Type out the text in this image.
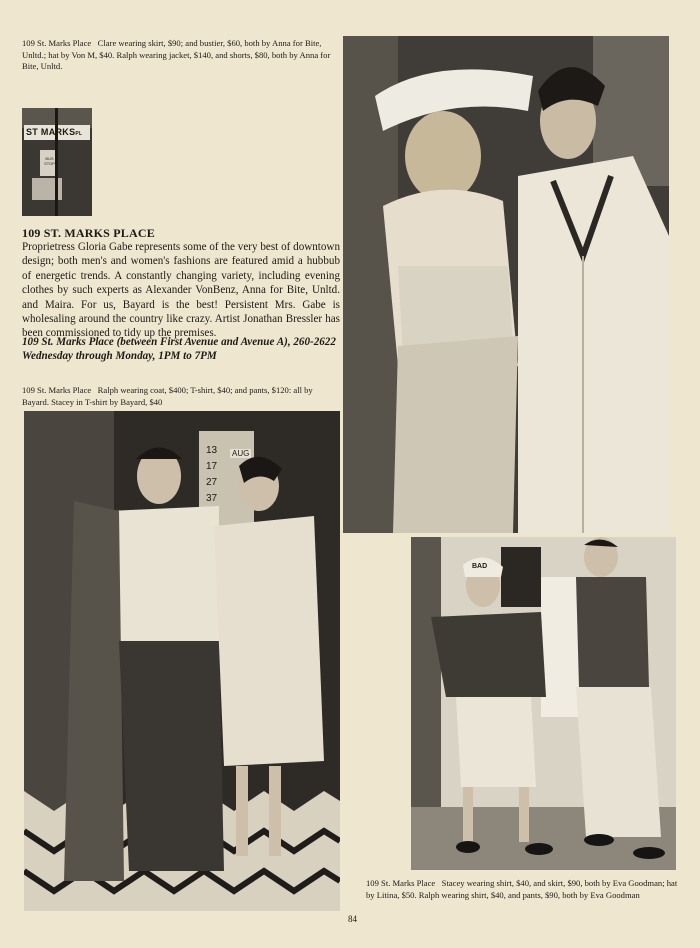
109 St. Marks Place   Clare wearing skirt, $90; and bustier, $60, both by Anna for Bite, Unltd.; hat by Von M, $40. Ralph wearing jacket, $140, and shorts, $80, both by Anna for Bite, Unltd.
ST MARKSPL
BUS STOP
109 ST. MARKS PLACE
Proprietress Gloria Gabe represents some of the very best of downtown design; both men's and women's fashions are featured amid a hubbub of energetic trends. A constantly changing variety, including evening clothes by such experts as Alexander VonBenz, Anna for Bite, Unltd. and Maira. For us, Bayard is the best! Persistent Mrs. Gabe is wholesaling around the country like crazy. Artist Jonathan Bressler has been commissioned to tidy up the premises.
109 St. Marks Place (between First Avenue and Avenue A), 260-2622
Wednesday through Monday, 1PM to 7PM
109 St. Marks Place   Ralph wearing coat, $400; T-shirt, $40; and pants, $120: all by Bayard. Stacey in T-shirt by Bayard, $40
13
17
27
37
AUG
BAD
109 St. Marks Place   Stacey wearing shirt, $40, and skirt, $90, both by Eva Goodman; hat by Litina, $50. Ralph wearing shirt, $40, and pants, $90, both by Eva Goodman
84
